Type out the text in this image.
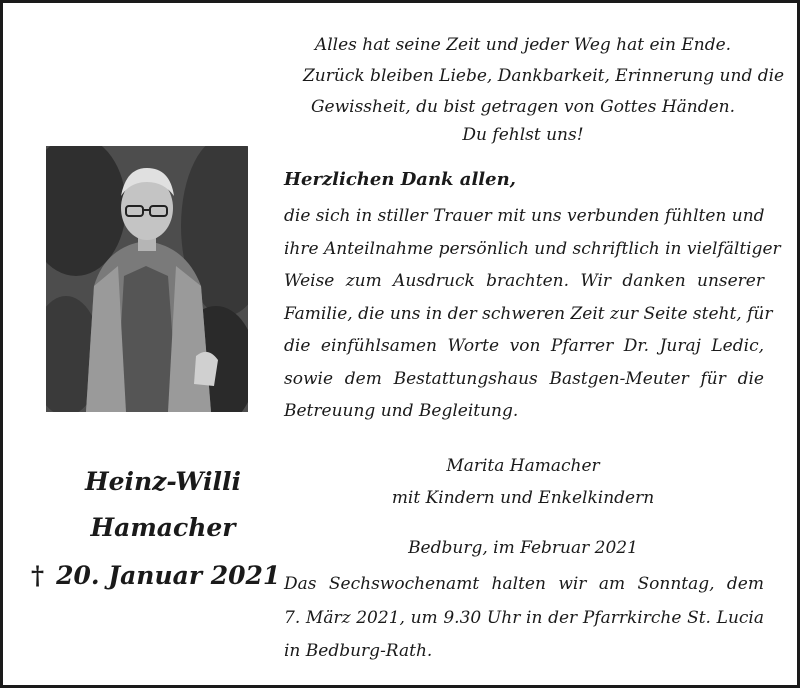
Alles hat seine Zeit und jeder Weg hat ein Ende.
Zurück bleiben Liebe, Dankbarkeit, Erinnerung und die
Gewissheit, du bist getragen von Gottes Händen.
Du fehlst uns!
Herzlichen Dank allen,
die sich in stiller Trauer mit uns verbunden fühlten und
ihre Anteilnahme persönlich und schriftlich in vielfältiger
Weise zum Ausdruck brachten. Wir danken unserer
Familie, die uns in der schweren Zeit zur Seite steht, für
die einfühlsamen Worte von Pfarrer Dr. Juraj Ledic,
sowie dem Bestattungshaus Bastgen-Meuter für die
Betreuung und Begleitung.
Heinz-Willi
Hamacher
† 20. Januar 2021
Marita Hamacher
mit Kindern und Enkelkindern
Bedburg, im Februar 2021
Das Sechswochenamt halten wir am Sonntag, dem
7. März 2021, um 9.30 Uhr in der Pfarrkirche St. Lucia
in Bedburg-Rath.
